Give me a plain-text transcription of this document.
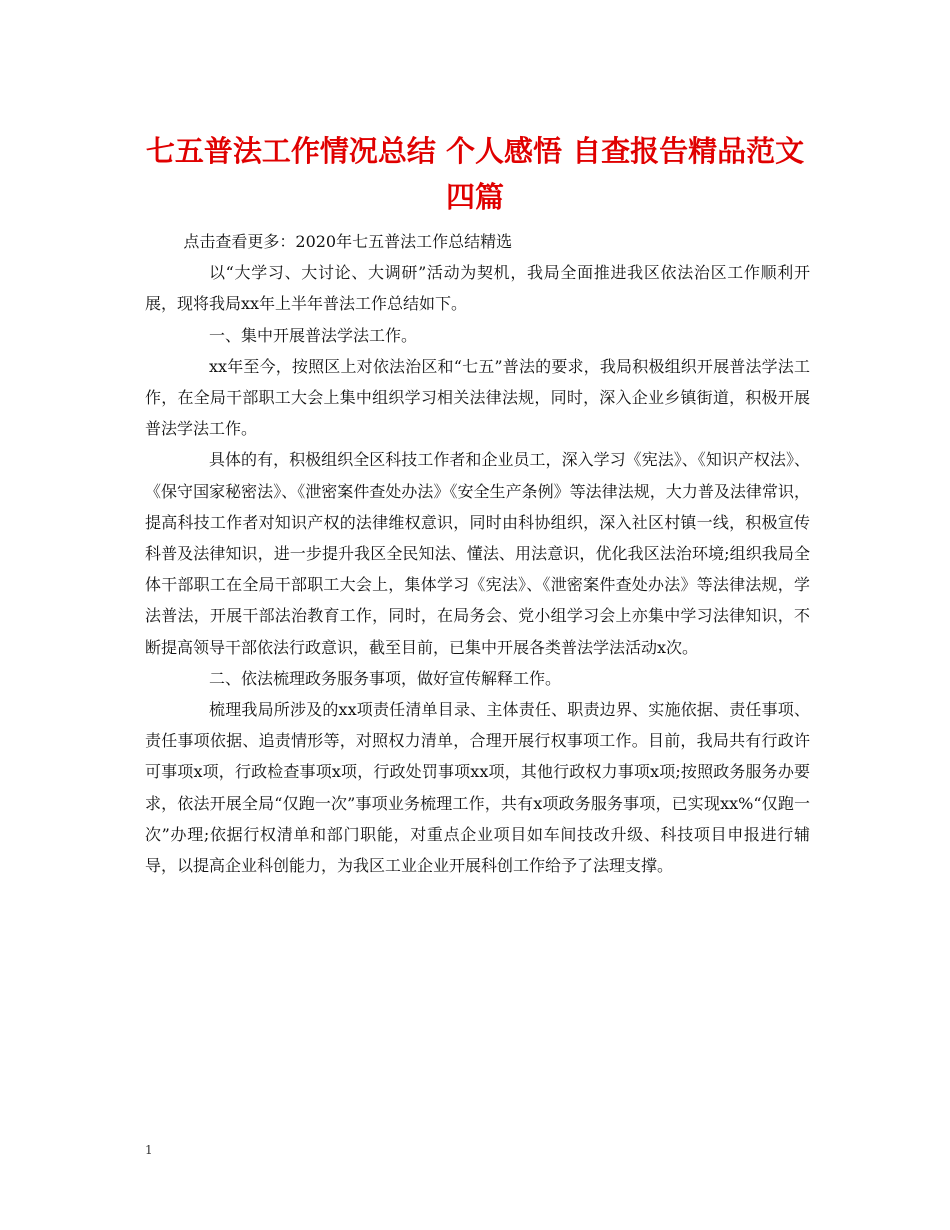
七五普法工作情况总结 个人感悟 自查报告精品范文
四篇

点击查看更多：2020年七五普法工作总结精选

以“大学习、大讨论、大调研”活动为契机，我局全面推进我区依法治区工作顺利开展，现将我局xx年上半年普法工作总结如下。

一、集中开展普法学法工作。

xx年至今，按照区上对依法治区和“七五”普法的要求，我局积极组织开展普法学法工作，在全局干部职工大会上集中组织学习相关法律法规，同时，深入企业乡镇街道，积极开展普法学法工作。

具体的有，积极组织全区科技工作者和企业员工，深入学习《宪法》、《知识产权法》、《保守国家秘密法》、《泄密案件查处办法》《安全生产条例》等法律法规，大力普及法律常识，提高科技工作者对知识产权的法律维权意识，同时由科协组织，深入社区村镇一线，积极宣传科普及法律知识，进一步提升我区全民知法、懂法、用法意识，优化我区法治环境;组织我局全体干部职工在全局干部职工大会上，集体学习《宪法》、《泄密案件查处办法》等法律法规，学法普法，开展干部法治教育工作，同时，在局务会、党小组学习会上亦集中学习法律知识，不断提高领导干部依法行政意识，截至目前，已集中开展各类普法学法活动x次。

二、依法梳理政务服务事项，做好宣传解释工作。

梳理我局所涉及的xx项责任清单目录、主体责任、职责边界、实施依据、责任事项、责任事项依据、追责情形等，对照权力清单，合理开展行权事项工作。目前，我局共有行政许可事项x项，行政检查事项x项，行政处罚事项xx项，其他行政权力事项x项;按照政务服务办要求，依法开展全局“仅跑一次”事项业务梳理工作，共有x项政务服务事项，已实现xx%“仅跑一次”办理;依据行权清单和部门职能，对重点企业项目如车间技改升级、科技项目申报进行辅导，以提高企业科创能力，为我区工业企业开展科创工作给予了法理支撑。

1
